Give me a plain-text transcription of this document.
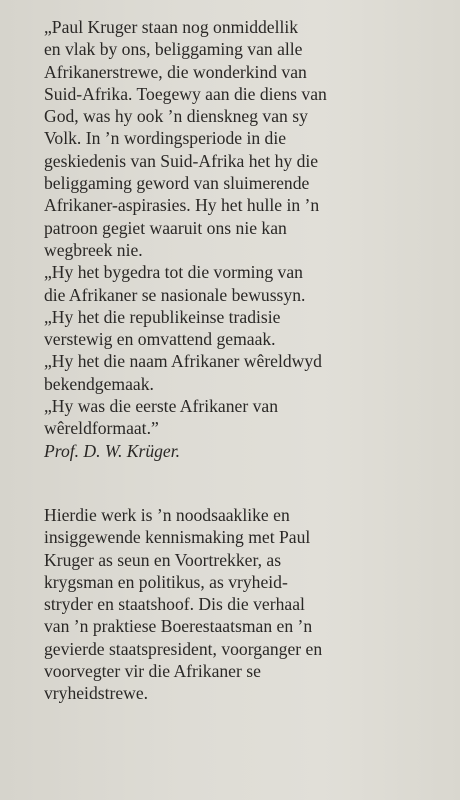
„Paul Kruger staan nog onmiddellik
en vlak by ons, beliggaming van alle
Afrikanerstrewe, die wonderkind van
Suid-Afrika. Toegewy aan die diens van
God, was hy ook ’n dienskneg van sy
Volk. In ’n wordingsperiode in die
geskiedenis van Suid-Afrika het hy die
beliggaming geword van sluimerende
Afrikaner-aspirasies. Hy het hulle in ’n
patroon gegiet waaruit ons nie kan
wegbreek nie.
„Hy het bygedra tot die vorming van
die Afrikaner se nasionale bewussyn.
„Hy het die republikeinse tradisie
verstewig en omvattend gemaak.
„Hy het die naam Afrikaner wêreldwyd
bekendgemaak.
„Hy was die eerste Afrikaner van
wêreldformaat.”
Prof. D. W. Krüger.
Hierdie werk is ’n noodsaaklike en
insiggewende kennismaking met Paul
Kruger as seun en Voortrekker, as
krygsman en politikus, as vryheid-
stryder en staatshoof. Dis die verhaal
van ’n praktiese Boerestaatsman en ’n
gevierde staatspresident, voorganger en
voorvegter vir die Afrikaner se
vryheidstrewe.
